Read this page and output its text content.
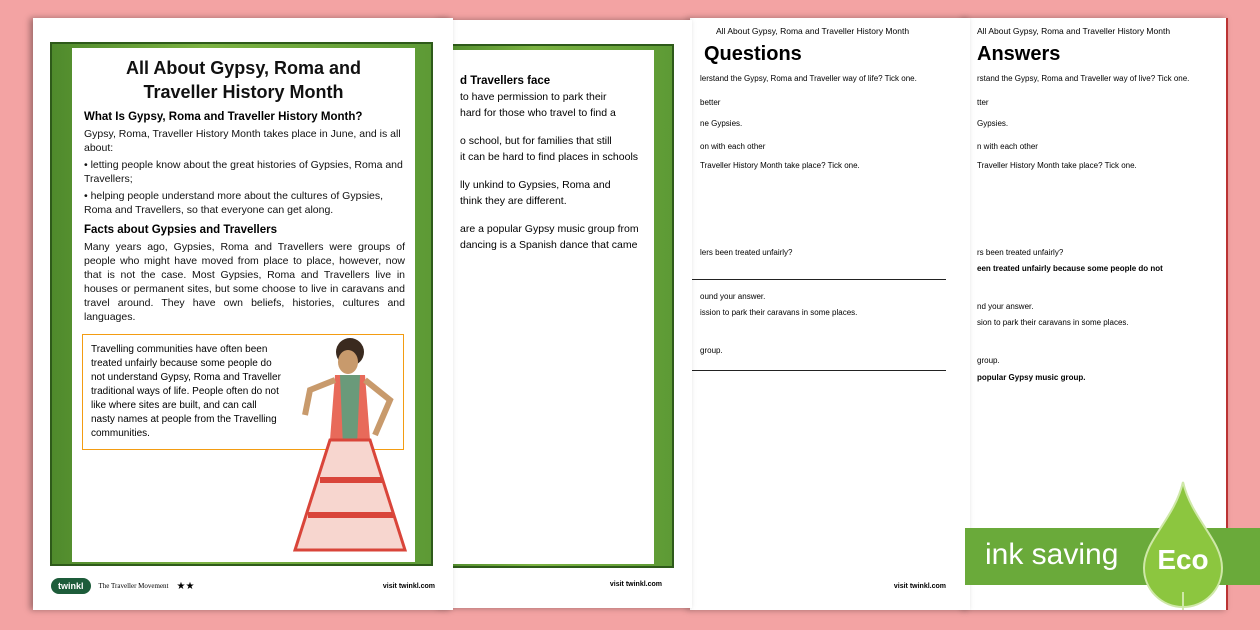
All About Gypsy, Roma and Traveller History Month
What Is Gypsy, Roma and Traveller History Month?
Gypsy, Roma, Traveller History Month takes place in June, and is all about:
• letting people know about the great histories of Gypsies, Roma and Travellers;
• helping people understand more about the cultures of Gypsies, Roma and Travellers, so that everyone can get along.
Facts about Gypsies and Travellers
Many years ago, Gypsies, Roma and Travellers were groups of people who might have moved from place to place, however, now that is not the case. Most Gypsies, Roma and Travellers live in houses or permanent sites, but some choose to live in caravans and travel around. They have own beliefs, histories, cultures and languages.
Travelling communities have often been treated unfairly because some people do not understand Gypsy, Roma and Traveller traditional ways of life. People often do not like where sites are built, and can call nasty names at people from the Travelling communities.
twinkl	The Traveller Movement ★★	visit twinkl.com
d Travellers face
to have permission to park their
hard for those who travel to find a
o school, but for families that still
it can be hard to find places in schools
lly unkind to Gypsies, Roma and
think they are different.
are a popular Gypsy music group from
dancing is a Spanish dance that came
visit twinkl.com
All About Gypsy, Roma and Traveller History Month
Questions
lerstand the Gypsy, Roma and Traveller way of life? Tick one.
better
ne Gypsies.
on with each other
Traveller History Month take place? Tick one.
lers been treated unfairly?
ound your answer.
ission to park their caravans in some places.
group.
visit twinkl.com
All About Gypsy, Roma and Traveller History Month
Answers
rstand the Gypsy, Roma and Traveller way of live? Tick one.
tter
Gypsies.
n with each other
Traveller History Month take place? Tick one.
rs been treated unfairly?
een treated unfairly because some people do not
nd your answer.
sion to park their caravans in some places.
group.
popular Gypsy music group.
ink saving	Eco
